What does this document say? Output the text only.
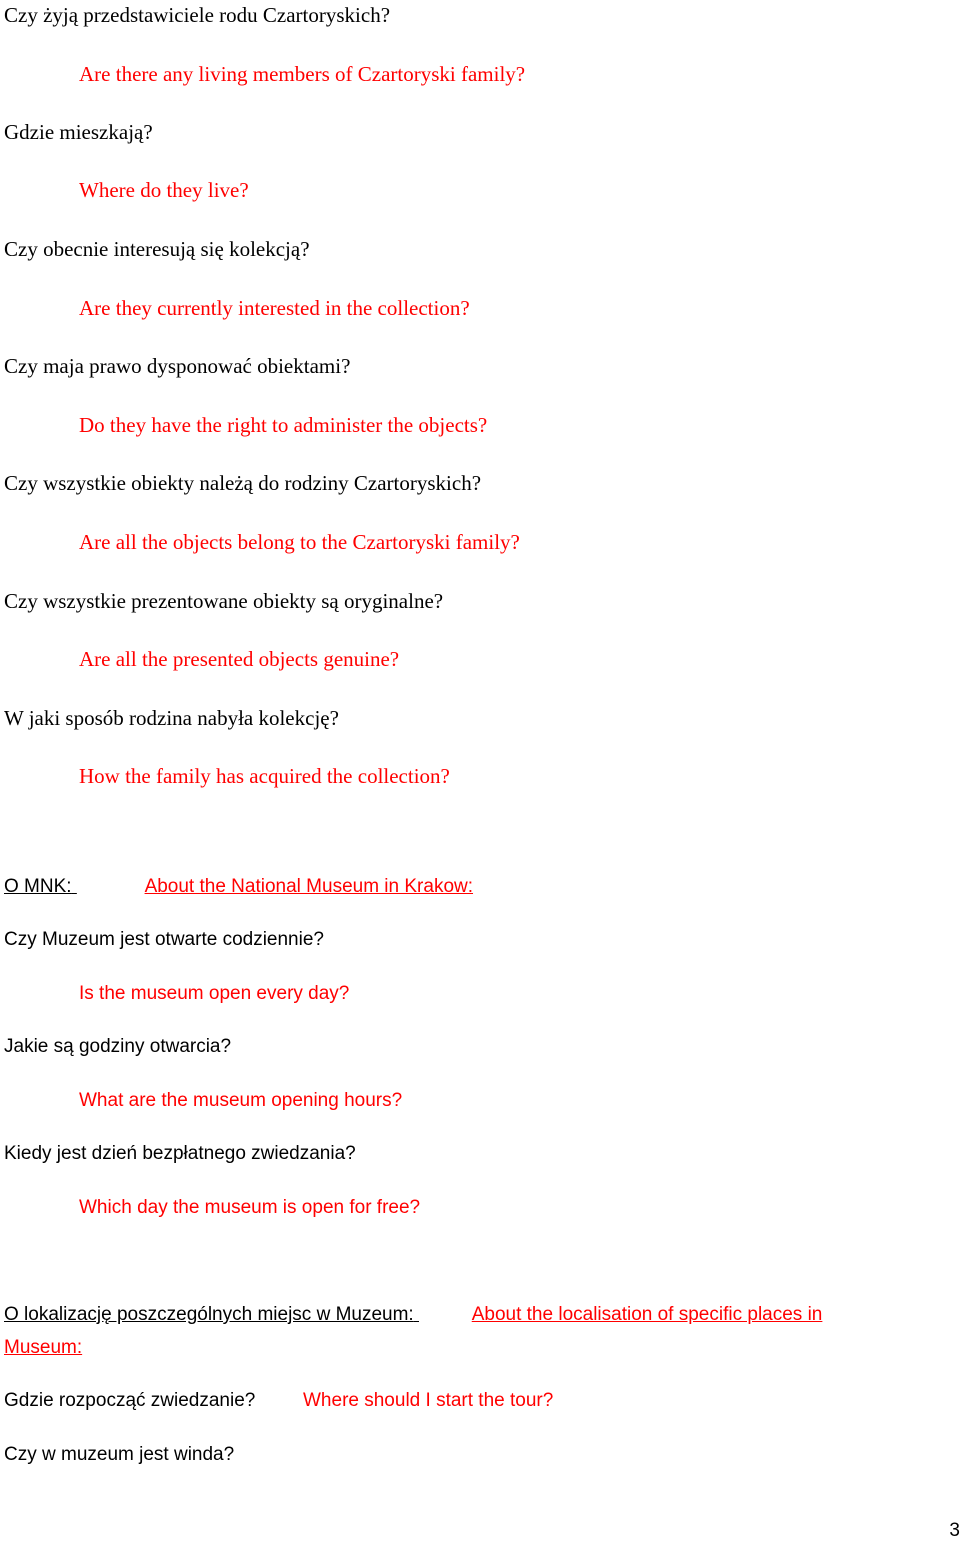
Czy żyją przedstawiciele rodu Czartoryskich?
Are there any living members of Czartoryski family?
Gdzie mieszkają?
Where do they live?
Czy obecnie interesują się kolekcją?
Are they currently interested in the collection?
Czy maja prawo dysponować obiektami?
Do they have the right to administer the objects?
Czy wszystkie obiekty należą do rodziny Czartoryskich?
Are all the objects belong to the Czartoryski family?
Czy wszystkie prezentowane obiekty są oryginalne?
Are all the presented objects genuine?
W jaki sposób rodzina nabyła kolekcję?
How the family has acquired the collection?
O MNK:	About the National Museum in Krakow:
Czy Muzeum jest otwarte codziennie?
Is the museum open every day?
Jakie są godziny otwarcia?
What are the museum opening hours?
Kiedy jest dzień bezpłatnego zwiedzania?
Which day the museum is open for free?
O lokalizację poszczególnych miejsc w Muzeum:	About the localisation of specific places in
Museum:
Gdzie rozpocząć zwiedzanie?	Where should I start the tour?
Czy w muzeum jest winda?
3
